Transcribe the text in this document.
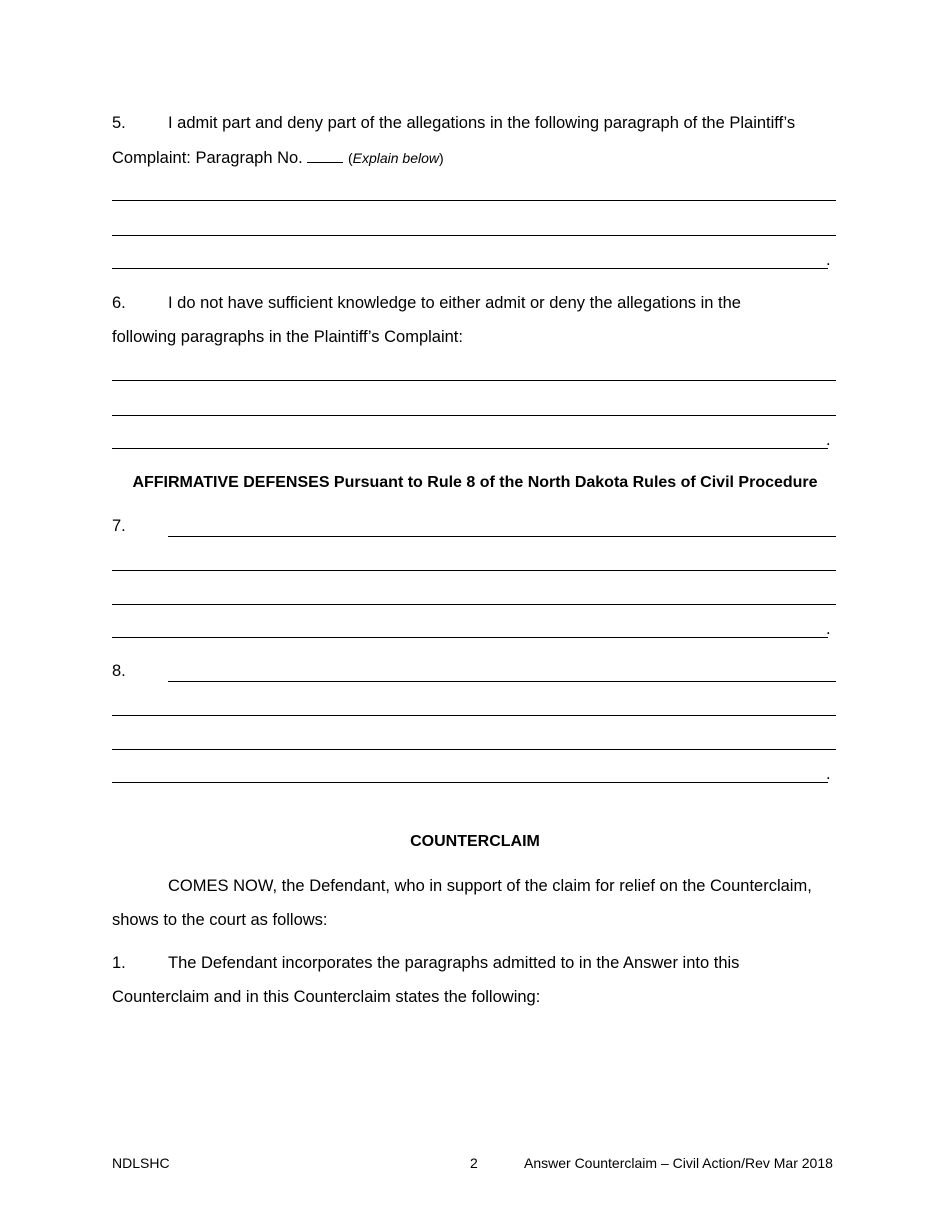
5.	I admit part and deny part of the allegations in the following paragraph of the Plaintiff’s
Complaint: Paragraph No.	(Explain below)
.
6.	I do not have sufficient knowledge to either admit or deny the allegations in the
following paragraphs in the Plaintiff’s Complaint:
.
AFFIRMATIVE DEFENSES Pursuant to Rule 8 of the North Dakota Rules of Civil Procedure
7.
.
8.
.
COUNTERCLAIM
COMES NOW, the Defendant, who in support of the claim for relief on the Counterclaim,
shows to the court as follows:
1.	The Defendant incorporates the paragraphs admitted to in the Answer into this
Counterclaim and in this Counterclaim states the following:
NDLSHC	2	Answer Counterclaim – Civil Action/Rev Mar 2018
